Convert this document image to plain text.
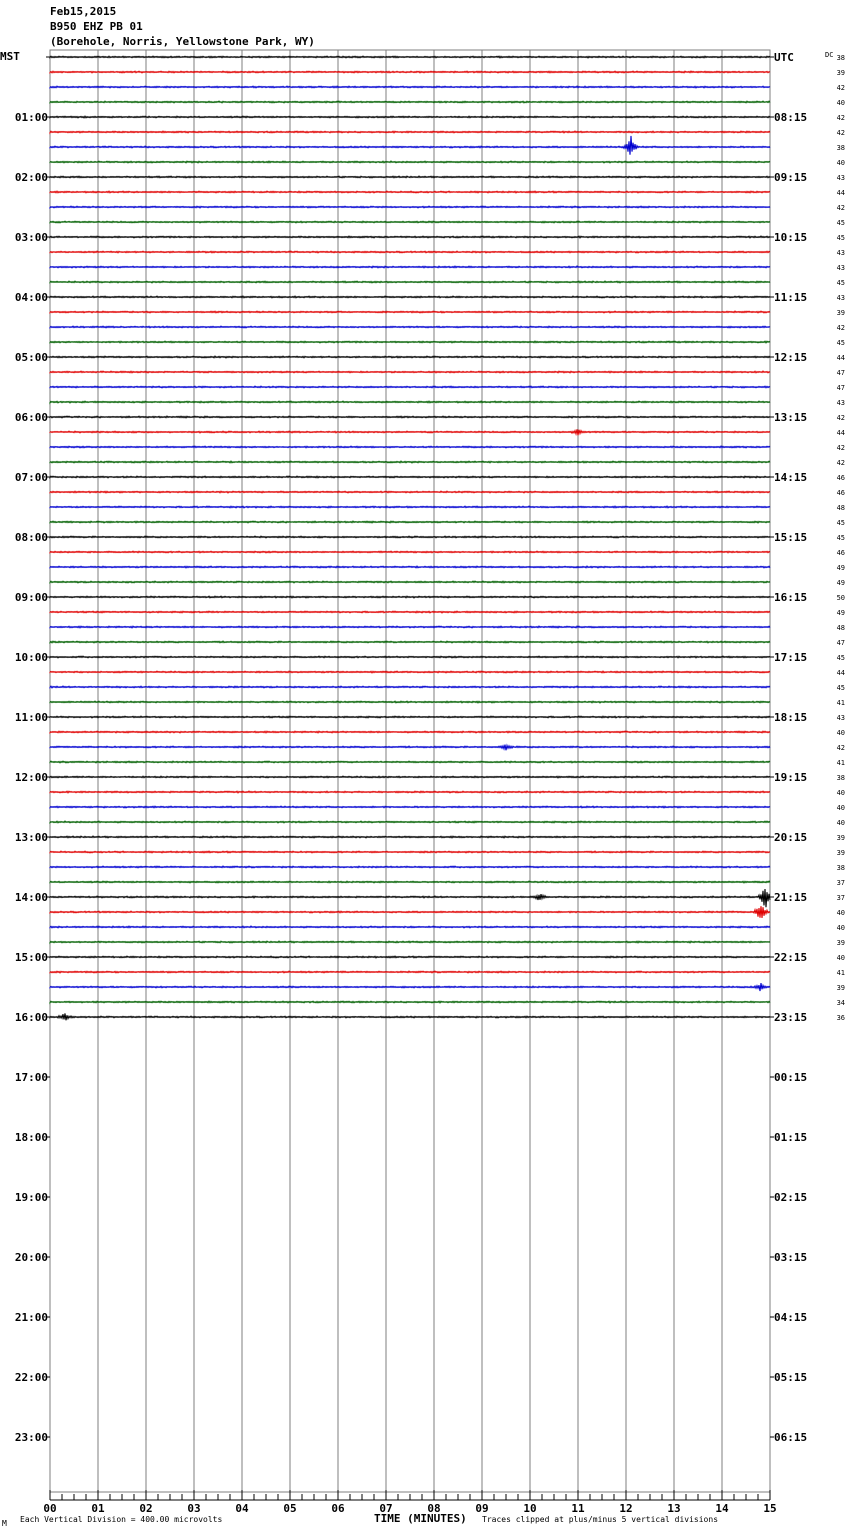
Feb15,2015
B950 EHZ PB 01
(Borehole, Norris, Yellowstone Park, WY)
MST	DC
01:00
02:00
03:00
04:00
05:00
06:00
07:00
08:00
09:00
10:00
11:00
12:00
13:00
14:00
15:00
16:00
17:00
18:00
19:00
20:00
21:00
22:00
23:00
UTC
08:15
09:15
10:15
11:15
12:15
13:15
14:15
15:15
16:15
17:15
18:15
19:15
20:15
21:15
22:15
23:15
00:15
01:15
02:15
03:15
04:15
05:15
06:15
38
39
42
40
42
42
38
40
43
44
42
45
45
43
43
45
43
39
42
45
44
47
47
43
42
44
42
42
46
46
48
45
45
46
49
49
50
49
48
47
45
44
45
41
43
40
42
41
38
40
40
40
39
39
38
37
37
40
40
39
40
41
39
34
36
00	01	02	03	04	05	06	07	08	09	10	11	12	13	14	15
M Each Vertical Division = 400.00 microvolts	TIME (MINUTES) Traces clipped at plus/minus 5 vertical divisions
